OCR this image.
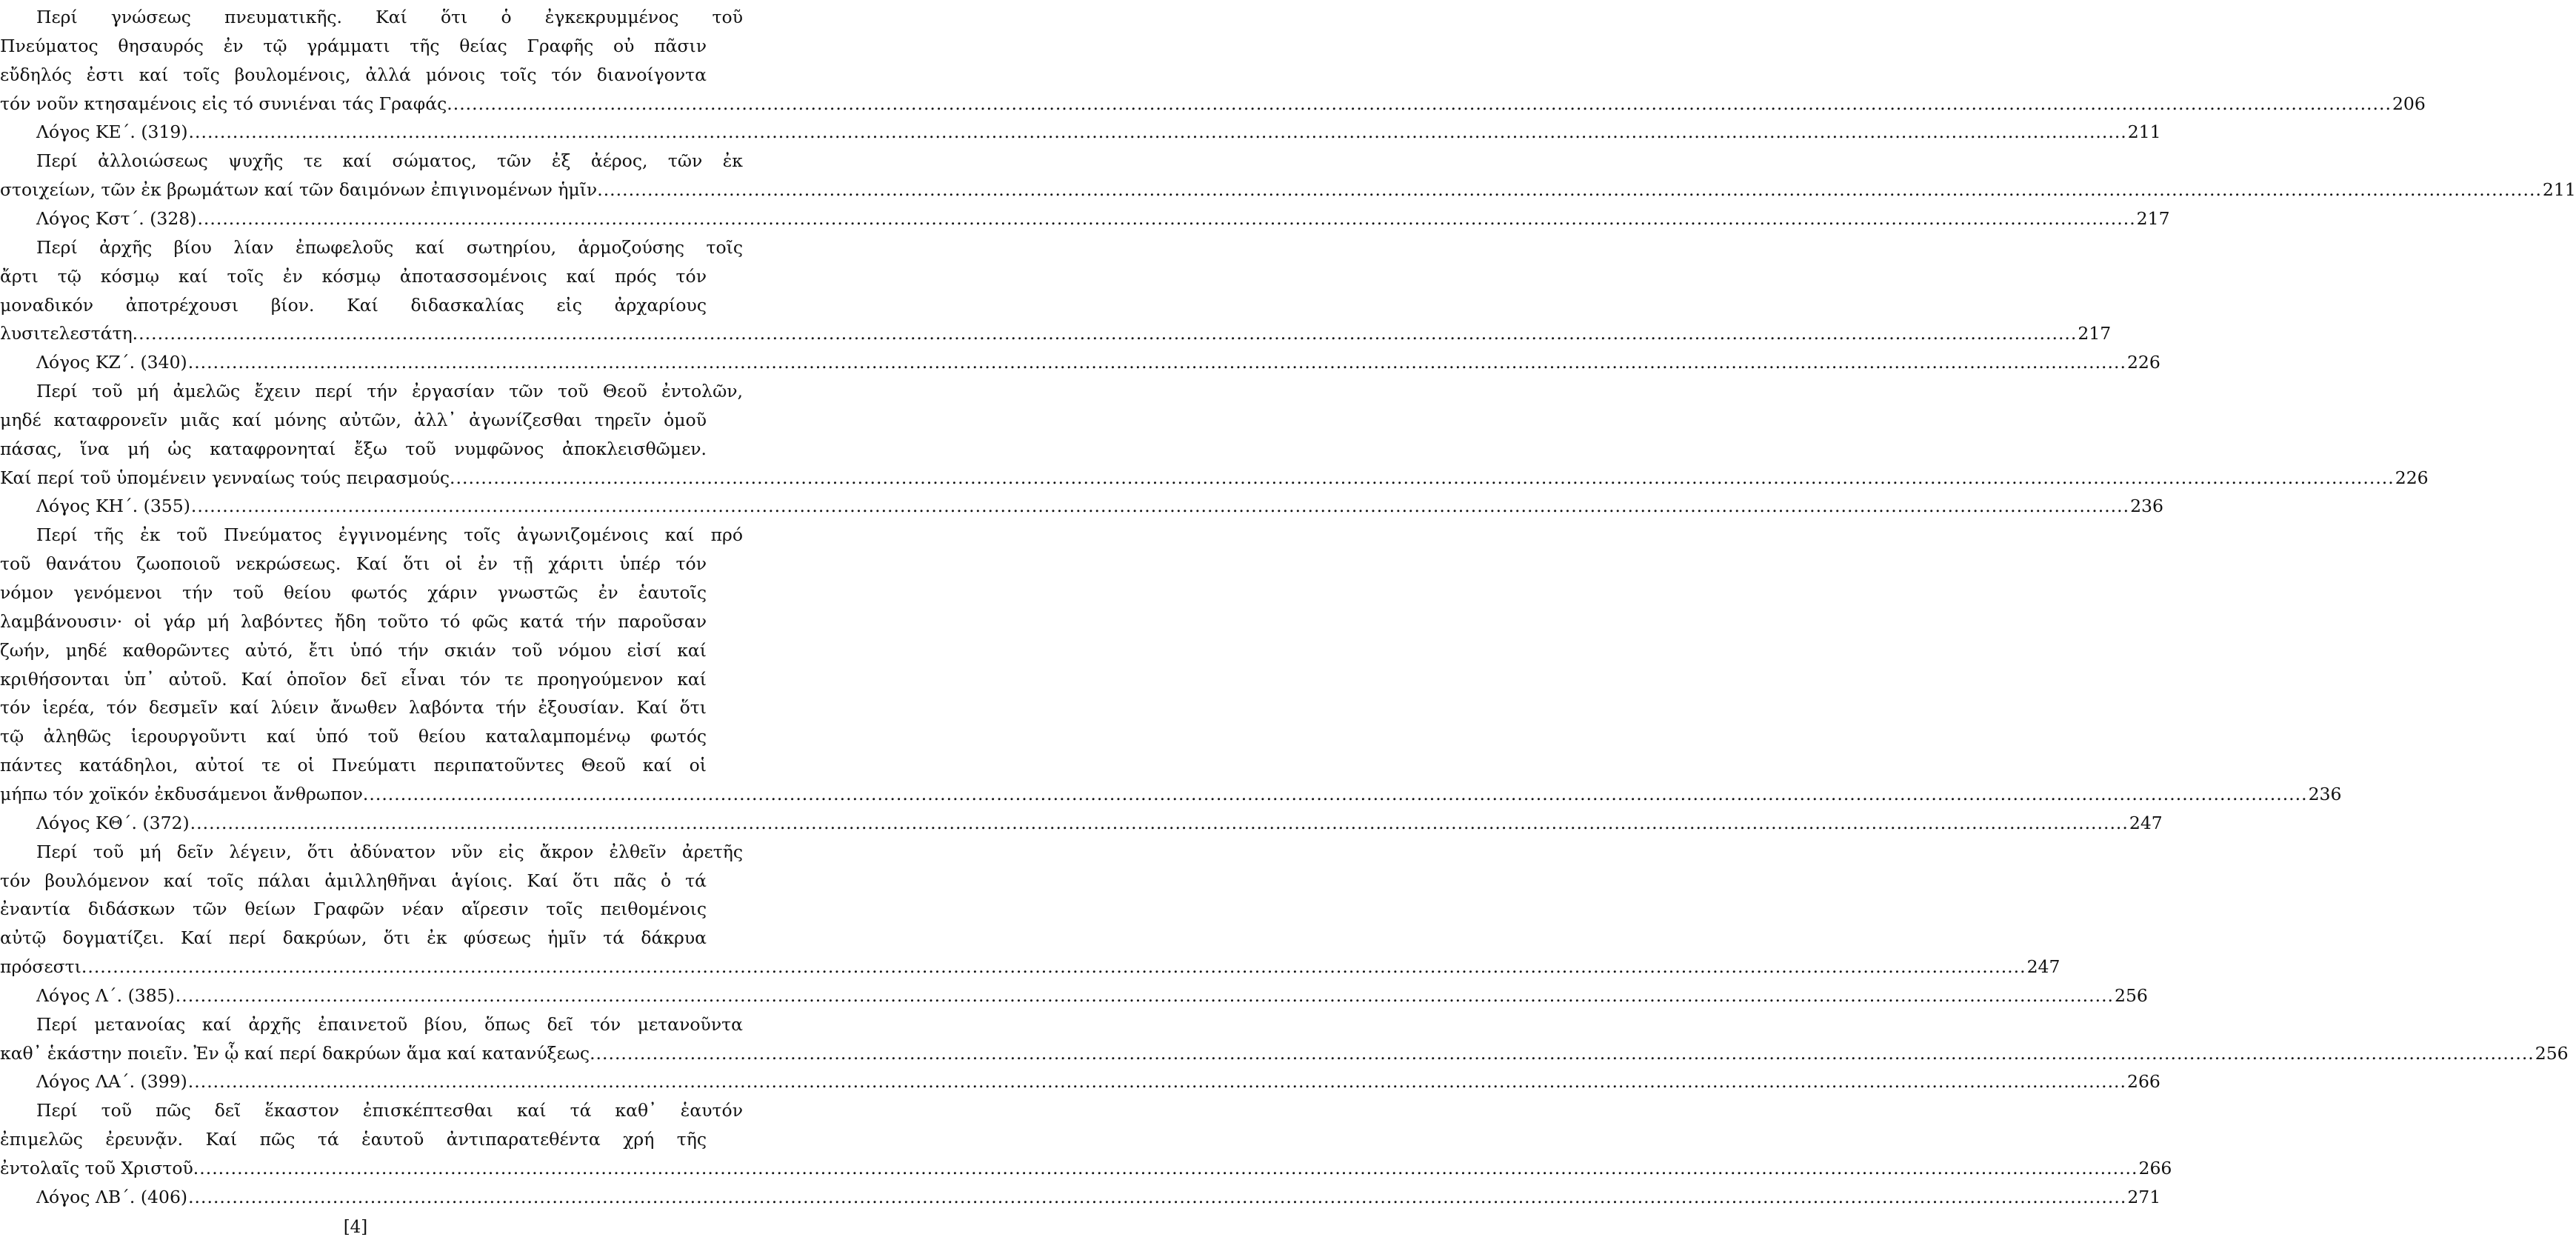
Περί γνώσεως πνευματικῆς. Καί ὅτι ὁ ἐγκεκρυμμένος τοῦ
Πνεύματος θησαυρός ἐν τῷ γράμματι τῆς θείας Γραφῆς οὐ πᾶσιν
εὔδηλός ἐστι καί τοῖς βουλομένοις, ἀλλά μόνοις τοῖς τόν διανοίγοντα
τόν νοῦν κτησαμένοις εἰς τό συνιέναι τάς Γραφάς. .....	206
Λόγος ΚΕ΄. (319) .....	211
Περί ἀλλοιώσεως ψυχῆς τε καί σώματος, τῶν ἐξ ἀέρος, τῶν ἐκ
στοιχείων, τῶν ἐκ βρωμάτων καί τῶν δαιμόνων ἐπιγινομένων ἡμῖν. .....	211
Λόγος Κστ΄. (328) .....	217
Περί ἀρχῆς βίου λίαν ἐπωφελοῦς καί σωτηρίου, ἁρμοζούσης τοῖς
ἄρτι τῷ κόσμῳ καί τοῖς ἐν κόσμῳ ἀποτασσομένοις καί πρός τόν
μοναδικόν ἀποτρέχουσι βίον. Καί διδασκαλίας εἰς ἀρχαρίους
λυσιτελεστάτη. .....	217
Λόγος ΚΖ΄. (340) .....	226
Περί τοῦ μή ἀμελῶς ἔχειν περί τήν ἐργασίαν τῶν τοῦ Θεοῦ ἐντολῶν,
μηδέ καταφρονεῖν μιᾶς καί μόνης αὐτῶν, ἀλλ᾽ ἀγωνίζεσθαι τηρεῖν ὁμοῦ
πάσας, ἵνα μή ὡς καταφρονηταί ἔξω τοῦ νυμφῶνος ἀποκλεισθῶμεν.
Καί περί τοῦ ὑπομένειν γενναίως τούς πειρασμούς. .....	226
Λόγος ΚΗ΄. (355) .....	236
Περί τῆς ἐκ τοῦ Πνεύματος ἐγγινομένης τοῖς ἀγωνιζομένοις καί πρό
τοῦ θανάτου ζωοποιοῦ νεκρώσεως. Καί ὅτι οἱ ἐν τῇ χάριτι ὑπέρ τόν
νόμον γενόμενοι τήν τοῦ θείου φωτός χάριν γνωστῶς ἐν ἑαυτοῖς
λαμβάνουσιν· οἱ γάρ μή λαβόντες ἤδη τοῦτο τό φῶς κατά τήν παροῦσαν
ζωήν, μηδέ καθορῶντες αὐτό, ἔτι ὑπό τήν σκιάν τοῦ νόμου εἰσί καί
κριθήσονται ὑπ᾽ αὐτοῦ. Καί ὁποῖον δεῖ εἶναι τόν τε προηγούμενον καί
τόν ἱερέα, τόν δεσμεῖν καί λύειν ἄνωθεν λαβόντα τήν ἐξουσίαν. Καί ὅτι
τῷ ἀληθῶς ἱερουργοῦντι καί ὑπό τοῦ θείου καταλαμπομένῳ φωτός
πάντες κατάδηλοι, αὐτοί τε οἱ Πνεύματι περιπατοῦντες Θεοῦ καί οἱ
μήπω τόν χοϊκόν ἐκδυσάμενοι ἄνθρωπον. .....	236
Λόγος ΚΘ΄. (372) .....	247
Περί τοῦ μή δεῖν λέγειν, ὅτι ἀδύνατον νῦν εἰς ἄκρον ἐλθεῖν ἀρετῆς
τόν βουλόμενον καί τοῖς πάλαι ἁμιλληθῆναι ἁγίοις. Καί ὅτι πᾶς ὁ τά
ἐναντία διδάσκων τῶν θείων Γραφῶν νέαν αἵρεσιν τοῖς πειθομένοις
αὐτῷ δογματίζει. Καί περί δακρύων, ὅτι ἐκ φύσεως ἡμῖν τά δάκρυα
πρόσεστι. .....	247
Λόγος Λ΄. (385) .....	256
Περί μετανοίας καί ἀρχῆς ἐπαινετοῦ βίου, ὅπως δεῖ τόν μετανοῦντα
καθ᾽ ἑκάστην ποιεῖν. Ἐν ᾧ καί περί δακρύων ἅμα καί κατανύξεως. .....	256
Λόγος ΛΑ΄. (399) .....	266
Περί τοῦ πῶς δεῖ ἕκαστον ἐπισκέπτεσθαι καί τά καθ᾽ ἑαυτόν
ἐπιμελῶς ἐρευνᾷν. Καί πῶς τά ἑαυτοῦ ἀντιπαρατεθέντα χρή τῆς
ἐντολαῖς τοῦ Χριστοῦ. .....	266
Λόγος ΛΒ΄. (406) .....	271
[4]
